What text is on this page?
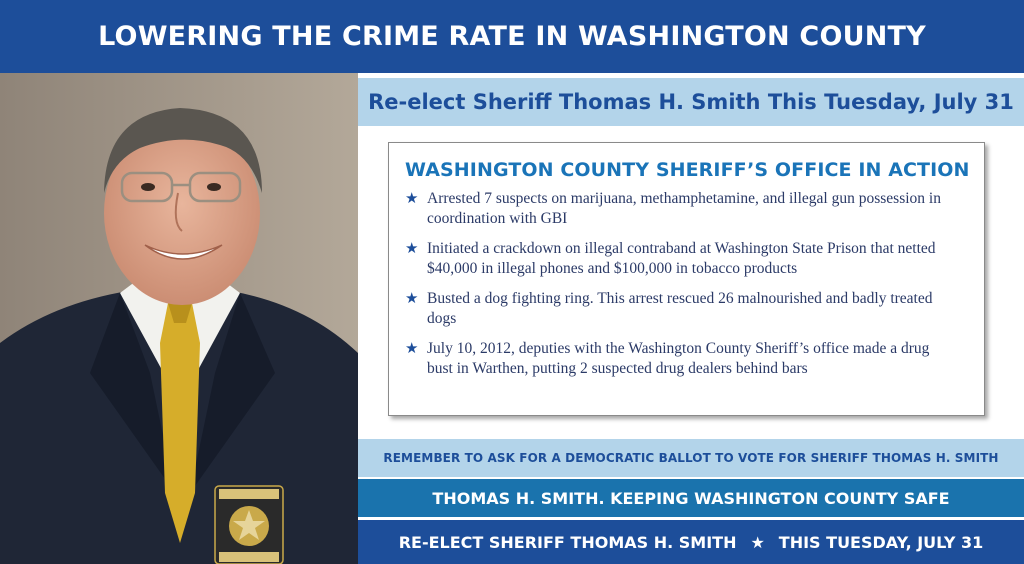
LOWERING THE CRIME RATE IN WASHINGTON COUNTY
Re-elect Sheriff Thomas H. Smith This Tuesday, July 31
WASHINGTON COUNTY SHERIFF’S OFFICE IN ACTION
★ Arrested 7 suspects on marijuana, methamphetamine, and illegal gun possession in coordination with GBI
★ Initiated a crackdown on illegal contraband at Washington State Prison that netted $40,000 in illegal phones and $100,000 in tobacco products
★ Busted a dog fighting ring. This arrest rescued 26 malnourished and badly treated dogs
★ July 10, 2012, deputies with the Washington County Sheriff’s office made a drug bust in Warthen, putting 2 suspected drug dealers behind bars
REMEMBER TO ASK FOR A DEMOCRATIC BALLOT TO VOTE FOR SHERIFF THOMAS H. SMITH
THOMAS H. SMITH. KEEPING WASHINGTON COUNTY SAFE
RE-ELECT SHERIFF THOMAS H. SMITH ★ THIS TUESDAY, JULY 31
